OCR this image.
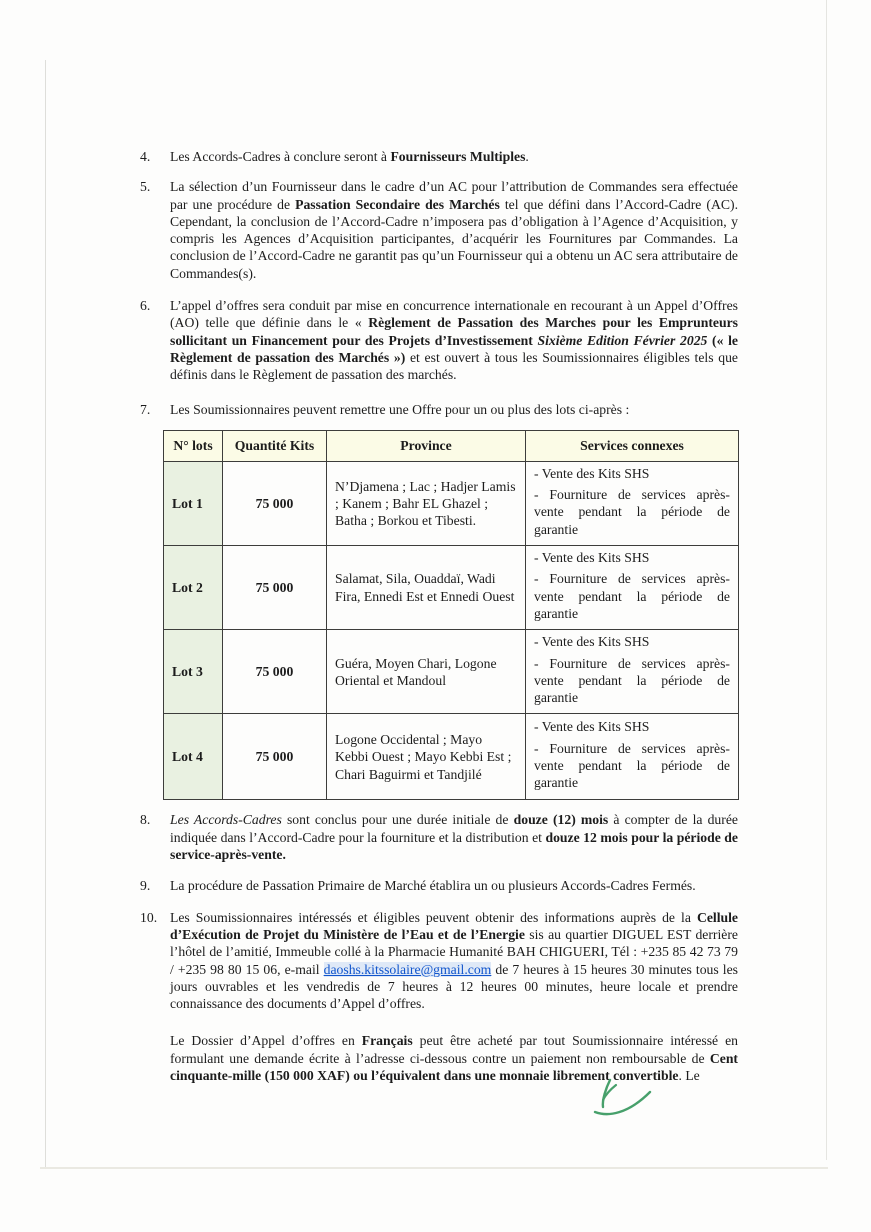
4.	Les Accords-Cadres à conclure seront à Fournisseurs Multiples.
5.	La sélection d’un Fournisseur dans le cadre d’un AC pour l’attribution de Commandes sera effectuée par une procédure de Passation Secondaire des Marchés tel que défini dans l’Accord-Cadre (AC). Cependant, la conclusion de l’Accord-Cadre n’imposera pas d’obligation à l’Agence d’Acquisition, y compris les Agences d’Acquisition participantes, d’acquérir les Fournitures par Commandes. La conclusion de l’Accord-Cadre ne garantit pas qu’un Fournisseur qui a obtenu un AC sera attributaire de Commandes(s).
6.	L’appel d’offres sera conduit par mise en concurrence internationale en recourant à un Appel d’Offres (AO) telle que définie dans le « Règlement de Passation des Marches pour les Emprunteurs sollicitant un Financement pour des Projets d’Investissement Sixième Edition Février 2025 (« le Règlement de passation des Marchés ») et est ouvert à tous les Soumissionnaires éligibles tels que définis dans le Règlement de passation des marchés.
7.	Les Soumissionnaires peuvent remettre une Offre pour un ou plus des lots ci-après :
N° lots	Quantité Kits	Province	Services connexes
Lot 1	75 000	N’Djamena ; Lac ; Hadjer Lamis ; Kanem ; Bahr EL Ghazel ; Batha ; Borkou et Tibesti.	- Vente des Kits SHS

- Fourniture de services après-vente pendant la période de garantie

Lot 2	75 000	Salamat, Sila, Ouaddaï, Wadi Fira, Ennedi Est et Ennedi Ouest	- Vente des Kits SHS

- Fourniture de services après-vente pendant la période de garantie

Lot 3	75 000	Guéra, Moyen Chari, Logone Oriental et Mandoul	- Vente des Kits SHS

- Fourniture de services après-vente pendant la période de garantie

Lot 4	75 000	Logone Occidental ; Mayo Kebbi Ouest ; Mayo Kebbi Est ; Chari Baguirmi et Tandjilé	- Vente des Kits SHS

- Fourniture de services après-vente pendant la période de garantie

8.	Les Accords-Cadres sont conclus pour une durée initiale de douze (12) mois à compter de la durée indiquée dans l’Accord-Cadre pour la fourniture et la distribution et douze 12 mois pour la période de service-après-vente.
9.	La procédure de Passation Primaire de Marché établira un ou plusieurs Accords-Cadres Fermés.
10. Les Soumissionnaires intéressés et éligibles peuvent obtenir des informations auprès de la Cellule d’Exécution de Projet du Ministère de l’Eau et de l’Energie sis au quartier DIGUEL EST derrière l’hôtel de l’amitié, Immeuble collé à la Pharmacie Humanité BAH CHIGUERI, Tél : +235 85 42 73 79 / +235 98 80 15 06, e-mail daoshs.kitssolaire@gmail.com de 7 heures à 15 heures 30 minutes tous les jours ouvrables et les vendredis de 7 heures à 12 heures 00 minutes, heure locale et prendre connaissance des documents d’Appel d’offres.
Le Dossier d’Appel d’offres en Français peut être acheté par tout Soumissionnaire intéressé en formulant une demande écrite à l’adresse ci-dessous contre un paiement non remboursable de Cent cinquante-mille (150 000 XAF) ou l’équivalent dans une monnaie librement convertible. Le
